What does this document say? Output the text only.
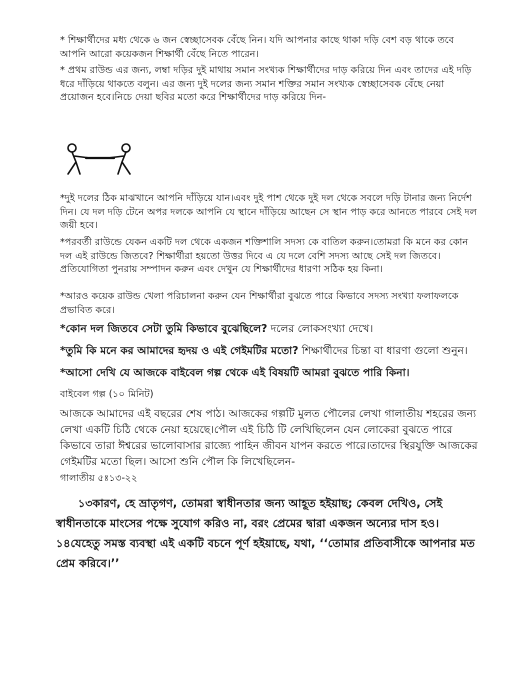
* শিক্ষার্থীদের মধ্য থেকে ৬ জন স্বেচ্ছাসেবক বেঁছে নিন। যদি আপনার কাছে থাকা দড়ি বেশ বড় থাকে তবে আপনি আরো কয়েকজন শিক্ষার্থী বেঁছে নিতে পারেন।

* প্রথম রাউন্ড এর জন্য, লম্বা দড়ির দুই মাথায় সমান সংখ্যক শিক্ষার্থীদের দাড় করিয়ে দিন এবং তাদের এই দড়ি ধরে দাঁড়িয়ে থাকতে বলুন। এর জন্য দুই দলের জন্য সমান শক্তির সমান সংখ্যক স্বেচ্ছাসেবক বেঁছে নেয়া প্রয়োজন হবে।নিচে দেয়া ছবির মতো করে শিক্ষার্থীদের দাড় করিয়ে দিন-

*দুই দলের ঠিক মাঝখানে আপনি দাঁড়িয়ে যান।এবং দুই পাশ থেকে দুই দল থেকে সবলে দড়ি টানার জন্য নির্দেশ দিন। যে দল দড়ি টেনে অপর দলকে আপনি যে স্থানে দাঁড়িয়ে আছেন সে স্থান পাড় করে আনতে পারবে সেই দল জয়ী হবে।

*পরবর্তী রাউন্ডে যেকন একটি দল থেকে একজন শক্তিশালি সদস্য কে বাতিল করুন।তোমরা কি মনে কর কোন দল এই রাউন্ডে জিতবে? শিক্ষার্থীরা হয়তো উত্তর দিবে এ যে দলে বেশি সদস্য আছে সেই দল জিতবে।প্রতিযোগিতা পুনরায় সম্পাদন করুন এবং দেখুন যে শিক্ষার্থীদের ধারণা সঠিক হয় কিনা।

*আরও কয়েক রাউন্ড খেলা পরিচালনা করুন যেন শিক্ষার্থীরা বুঝতে পারে কিভাবে সদস্য সংখ্যা ফলাফলকে প্রভাবিত করে।

*কোন দল জিতবে সেটা তুমি কিভাবে বুঝেছিলে? দলের লোকসংখ্যা দেখে।

*তুমি কি মনে কর আমাদের হৃদয় ও এই গেইমটির মতো? শিক্ষার্থীদের চিন্তা বা ধারণা গুলো শুনুন।

*আসো দেখি যে আজকে বাইবেল গল্প থেকে এই বিষয়টি আমরা বুঝতে পারি কিনা।

বাইবেল গল্প (১০ মিনিট)

আজকে আমাদের এই বছরের শেষ পাঠ। আজকের গল্পটি মুলত পৌলের লেখা গালাতীয় শহরের জন্য লেখা একটি চিঠি থেকে নেয়া হয়েছে।পৌল এই চিঠি টি লেখিছিলেন যেন লোকেরা বুঝতে পারে কিভাবে তারা ঈশ্বরের ভালোবাসার রাজ্যে পাহিন জীবন যাপন করতে পারে।তাদের স্থিরযুক্তি আজকের গেইমটির মতো ছিল। আসো শুনি পৌল কি লিখেছিলেন-

গালাতীয় ৫ঃ১৩-২২

১৩কারণ, হে ভ্রাতৃগণ, তোমরা স্বাধীনতার জন্য আহূত হইয়াছ; কেবল দেখিও, সেই স্বাধীনতাকে মাংসের পক্ষে সুযোগ করিও না, বরং প্রেমের দ্বারা একজন অন্যের দাস হও। ১৪যেহেতু সমস্ত ব্যবস্থা এই একটি বচনে পূর্ণ হইয়াছে, যথা, ‘‘তোমার প্রতিবাসীকে আপনার মত প্রেম করিবে।’’
